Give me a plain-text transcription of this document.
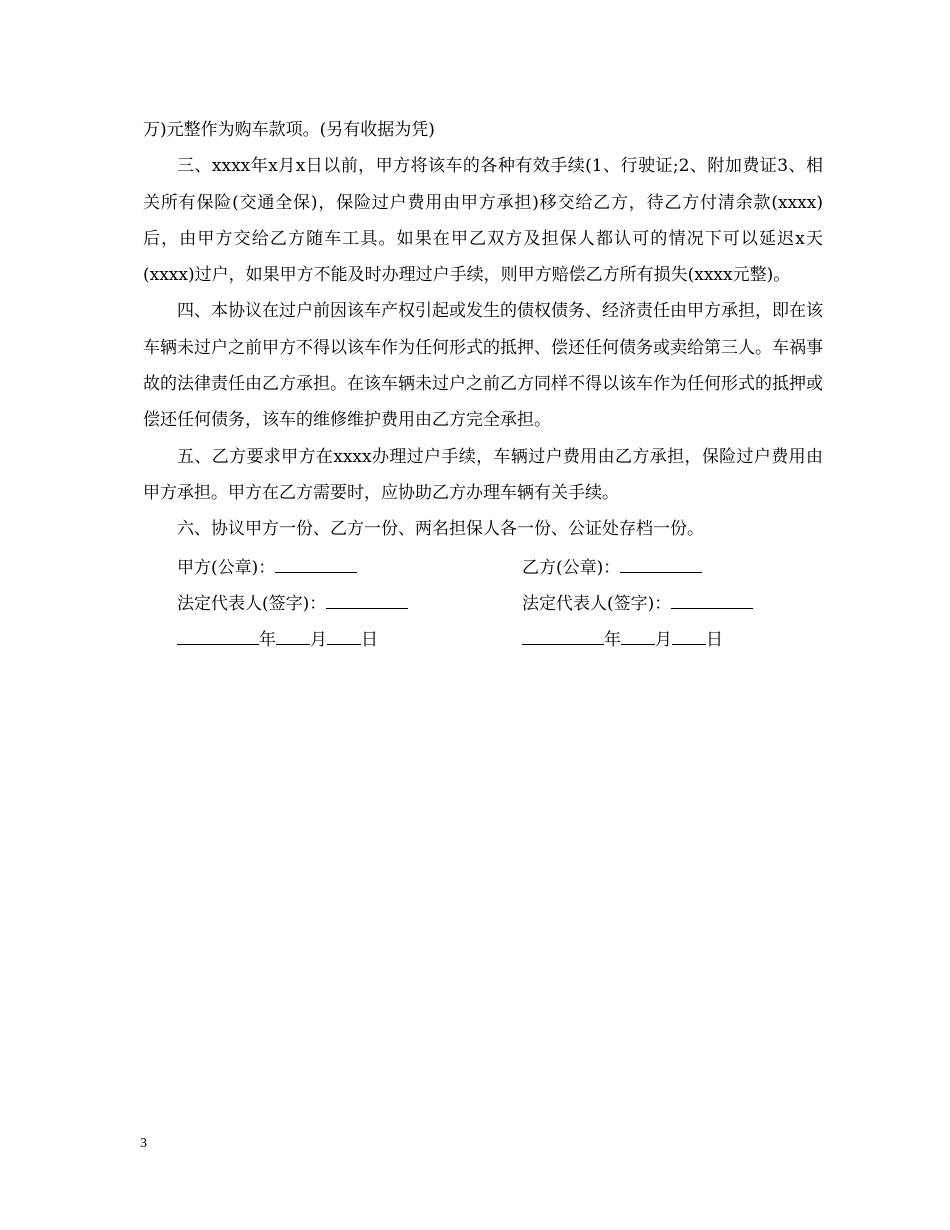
万)元整作为购车款项。(另有收据为凭)

三、xxxx年x月x日以前，甲方将该车的各种有效手续(1、行驶证;2、附加费证3、相关所有保险(交通全保)，保险过户费用由甲方承担)移交给乙方，待乙方付清余款(xxxx)后，由甲方交给乙方随车工具。如果在甲乙双方及担保人都认可的情况下可以延迟x天(xxxx)过户，如果甲方不能及时办理过户手续，则甲方赔偿乙方所有损失(xxxx元整)。

四、本协议在过户前因该车产权引起或发生的债权债务、经济责任由甲方承担，即在该车辆未过户之前甲方不得以该车作为任何形式的抵押、偿还任何债务或卖给第三人。车祸事故的法律责任由乙方承担。在该车辆未过户之前乙方同样不得以该车作为任何形式的抵押或偿还任何债务，该车的维修维护费用由乙方完全承担。

五、乙方要求甲方在xxxx办理过户手续，车辆过户费用由乙方承担，保险过户费用由甲方承担。甲方在乙方需要时，应协助乙方办理车辆有关手续。

六、协议甲方一份、乙方一份、两名担保人各一份、公证处存档一份。

甲方(公章)：	乙方(公章)：
法定代表人(签字)：	法定代表人(签字)：
年 月 日	年 月 日
3
